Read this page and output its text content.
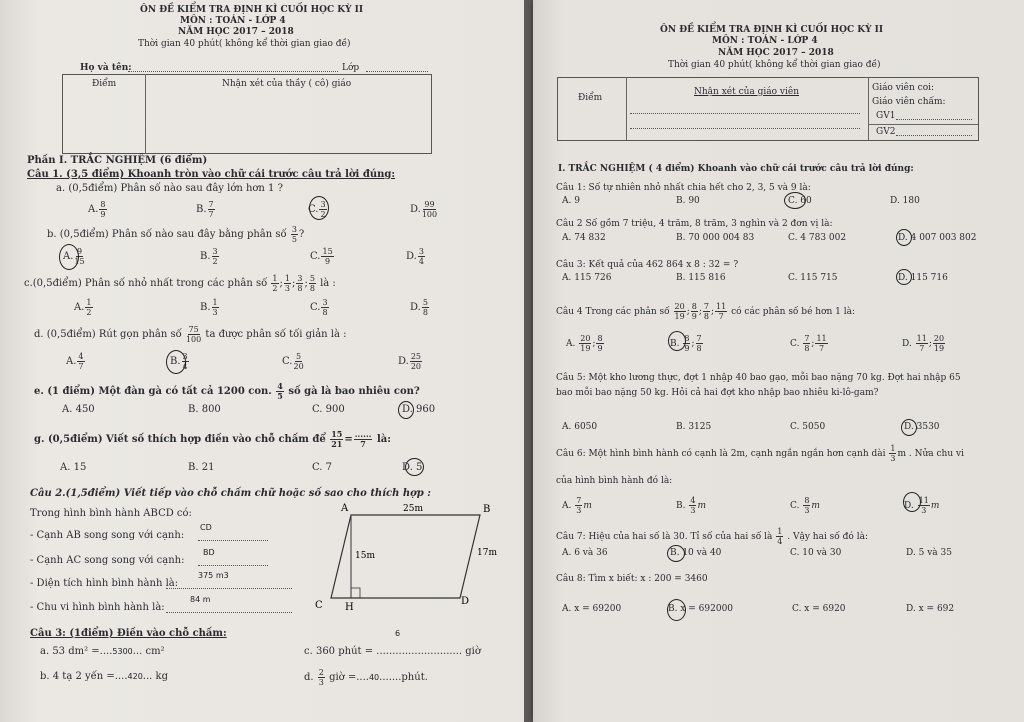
ÔN ĐỀ KIỂM TRA ĐỊNH KÌ CUỐI HỌC KỲ II
MÔN : TOÁN - LỚP 4
NĂM HỌC 2017 – 2018
Thời gian 40 phút( không kể thời gian giao đề)
Họ và tên:	Lớp
Điểm	Nhận xét của thầy ( cô) giáo
Phần I. TRẮC NGHIỆM (6 điểm)
Câu 1. (3,5 điểm) Khoanh tròn vào chữ cái trước câu trả lời đúng:
a. (0,5điểm) Phân số nào sau đây lớn hơn 1 ?
A. $\frac{8}{9}$	B. $\frac{7}{7}$	C. $\frac{3}{2}$	D. $\frac{99}{100}$
b. (0,5điểm) Phân số nào sau đây bằng phân số $\frac{3}{5}$ ?
A. $\frac{9}{15}$	B. $\frac{3}{2}$	C. $\frac{15}{9}$	D. $\frac{3}{4}$
c.(0,5điểm) Phân số nhỏ nhất trong các phân số $\frac{1}{2}$ ; $\frac{1}{3}$ ; $\frac{3}{8}$ ; $\frac{5}{8}$ là :
A. $\frac{1}{2}$	B. $\frac{1}{3}$	C. $\frac{3}{8}$	D. $\frac{5}{8}$
d. (0,5điểm) Rút gọn phân số $\frac{75}{100}$ ta được phân số tối giản là :
A. $\frac{4}{7}$	B. $\frac{3}{4}$	C. $\frac{5}{20}$	D. $\frac{25}{20}$
e. (1 điểm) Một đàn gà có tất cả 1200 con. $\frac{4}{5}$ số gà là bao nhiêu con?
A. 450	B. 800	C. 900	D. 960
g. (0,5điểm) Viết số thích hợp điền vào chỗ chấm để $\frac{15}{21} = \frac{......}{7}$ là:
A. 15	B. 21	C. 7	D. 5
Câu 2.(1,5điểm) Viết tiếp vào chỗ chấm chữ hoặc số sao cho thích hợp :
Trong hình bình hành ABCD có:
- Cạnh AB song song với cạnh:
CD
- Cạnh AC song song với cạnh:
BD
- Diện tích hình bình hành là:
375 m3
- Chu vi hình bình hành là:
84 m
A	B
C	D
H
25m
15m	17m
Câu 3: (1điểm) Điền vào chỗ chấm:
a. 53 dm² =....5300... cm²
b. 4 tạ 2 yến =....420... kg
6
c. 360 phút = ........................... giờ
d. $\frac{2}{3}$ giờ =....40.......phút.
ÔN ĐỀ KIỂM TRA ĐỊNH KÌ CUỐI HỌC KỲ II
MÔN : TOÁN - LỚP 4
NĂM HỌC 2017 – 2018
Thời gian 40 phút( không kể thời gian giao đề)
Điểm
Nhận xét của giáo viên	Giáo viên coi:
Giáo viên chấm:
GV1
GV2
I. TRẮC NGHIỆM ( 4 điểm) Khoanh vào chữ cái trước câu trả lời đúng:
Câu 1: Số tự nhiên nhỏ nhất chia hết cho 2, 3, 5 và 9 là:
A. 9	B. 90	C. 60	D. 180
Câu 2 Số gồm 7 triệu, 4 trăm, 8 trăm, 3 nghìn và 2 đơn vị là:
A. 74 832	B. 70 000 004 83	C. 4 783 002	D. 4 007 003 802
Câu 3: Kết quả của 462 864 x 8 : 32 = ?
A. 115 726	B. 115 816	C. 115 715	D. 115 716
Câu 4 Trong các phân số $\frac{20}{19}$ ; $\frac{8}{9}$ ; $\frac{7}{8}$ ; $\frac{11}{7}$ có các phân số bé hơn 1 là:
A. $\frac{20}{19}$ ; $\frac{8}{9}$	B. $\frac{8}{9}$ ; $\frac{7}{8}$	C. $\frac{7}{8}$ ; $\frac{11}{7}$	D. $\frac{11}{7}$ ; $\frac{20}{19}$
Câu 5: Một kho lương thực, đợt 1 nhập 40 bao gạo, mỗi bao nặng 70 kg. Đợt hai nhập 65
bao mỗi bao nặng 50 kg. Hỏi cả hai đợt kho nhập bao nhiêu ki-lô-gam?
A. 6050	B. 3125	C. 5050	D. 3530
Câu 6: Một hình bình hành có cạnh là 2m, cạnh ngắn ngắn hơn cạnh dài $\frac{1}{3}$ m . Nửa chu vi
của hình bình hành đó là:
A. $\frac{7}{3}$ m	B. $\frac{4}{3}$ m	C. $\frac{8}{3}$ m	D. $\frac{11}{3}$ m
Câu 7: Hiệu của hai số là 30. Tỉ số của hai số là $\frac{1}{4}$ . Vậy hai số đó là:
A. 6 và 36	B. 10 và 40	C. 10 và 30	D. 5 và 35
Câu 8: Tìm x biết: x : 200 = 3460
A. x = 69200	B. x = 692000	C. x = 6920	D. x = 692
